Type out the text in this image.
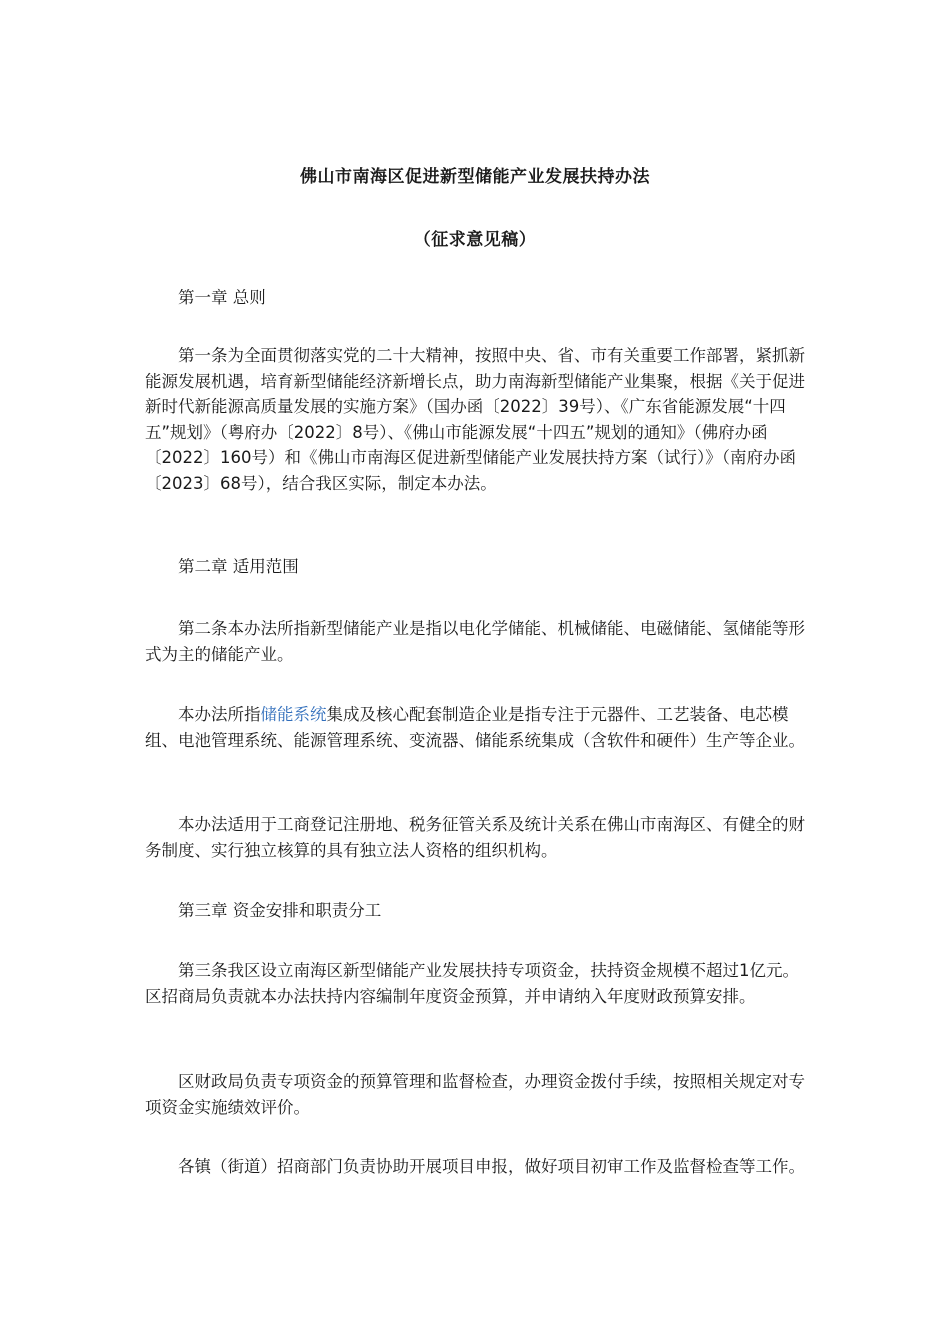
佛山市南海区促进新型储能产业发展扶持办法
（征求意见稿）
第一章 总则

第一条为全面贯彻落实党的二十大精神，按照中央、省、市有关重要工作部署，紧抓新能源发展机遇，培育新型储能经济新增长点，助力南海新型储能产业集聚，根据《关于促进新时代新能源高质量发展的实施方案》（国办函〔2022〕39号）、《广东省能源发展“十四五”规划》（粤府办〔2022〕8号）、《佛山市能源发展“十四五”规划的通知》（佛府办函〔2022〕160号）和《佛山市南海区促进新型储能产业发展扶持方案（试行）》（南府办函〔2023〕68号），结合我区实际，制定本办法。

第二章 适用范围

第二条本办法所指新型储能产业是指以电化学储能、机械储能、电磁储能、氢储能等形式为主的储能产业。

本办法所指储能系统集成及核心配套制造企业是指专注于元器件、工艺装备、电芯模组、电池管理系统、能源管理系统、变流器、储能系统集成（含软件和硬件）生产等企业。

本办法适用于工商登记注册地、税务征管关系及统计关系在佛山市南海区、有健全的财务制度、实行独立核算的具有独立法人资格的组织机构。

第三章 资金安排和职责分工

第三条我区设立南海区新型储能产业发展扶持专项资金，扶持资金规模不超过1亿元。区招商局负责就本办法扶持内容编制年度资金预算，并申请纳入年度财政预算安排。

区财政局负责专项资金的预算管理和监督检查，办理资金拨付手续，按照相关规定对专项资金实施绩效评价。

各镇（街道）招商部门负责协助开展项目申报，做好项目初审工作及监督检查等工作。
